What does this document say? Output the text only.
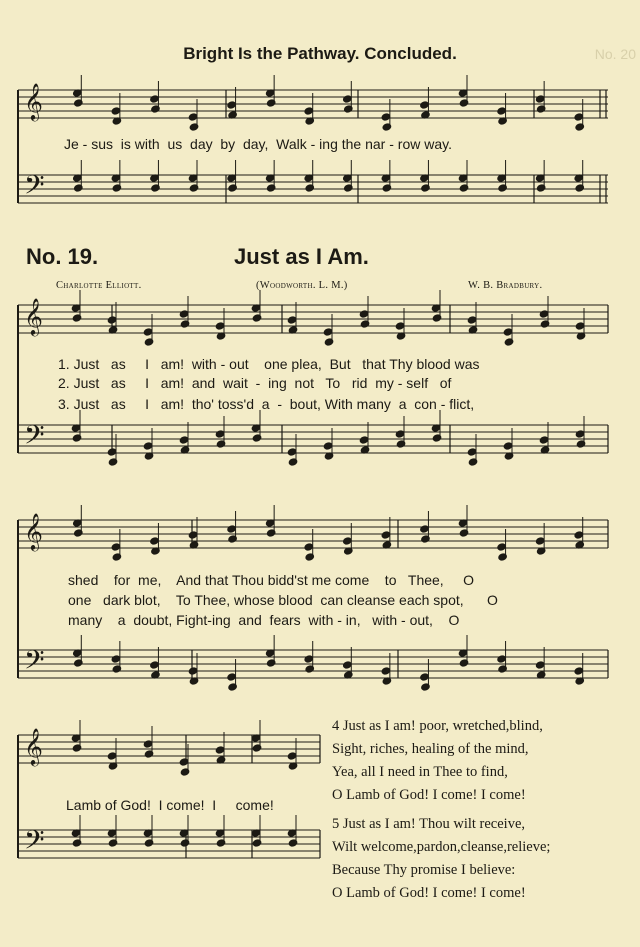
𝄞
𝄢
𝄞
𝄢
𝄞
𝄢
𝄞
𝄢
Bright Is the Pathway. Concluded.	No. 20
Je - sus  is with  us  day  by  day,  Walk - ing the nar - row way.
No. 19.	Just as I Am.
Charlotte Elliott.	(Woodworth. L. M.)	W. B. Bradbury.
1. Just   as     I   am!  with - out    one plea,  But   that Thy blood was
2. Just   as     I   am!  and  wait  -  ing  not   To   rid  my - self   of
3. Just   as     I   am!  tho' toss'd  a  -  bout, With many  a  con - flict,
shed    for  me,    And that Thou bidd'st me come    to   Thee,     O
one   dark blot,    To Thee, whose blood  can cleanse each spot,      O
many    a  doubt, Fight-ing  and  fears  with - in,   with - out,    O
Lamb of God!  I come!  I     come!
4 Just as I am! poor, wretched,blind,
Sight, riches, healing of the mind,
Yea, all I need in Thee to find,
O Lamb of God! I come! I come!
5 Just as I am! Thou wilt receive,
Wilt welcome,pardon,cleanse,relieve;
Because Thy promise I believe:
O Lamb of God! I come! I come!
